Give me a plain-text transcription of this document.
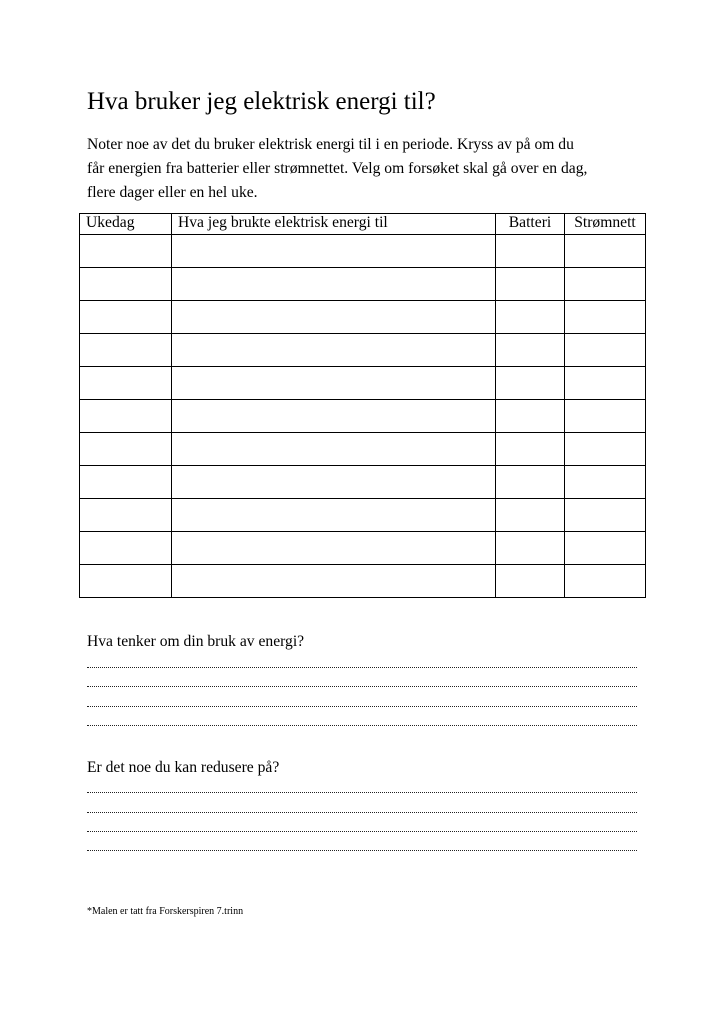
Hva bruker jeg elektrisk energi til?

Noter noe av det du bruker elektrisk energi til i en periode. Kryss av på om du

får energien fra batterier eller strømnettet. Velg om forsøket skal gå over en dag,

flere dager eller en hel uke.

Ukedag	Hva jeg brukte elektrisk energi til	Batteri	Strømnett

Hva tenker om din bruk av energi?
Er det noe du kan redusere på?
*Malen er tatt fra Forskerspiren 7.trinn
